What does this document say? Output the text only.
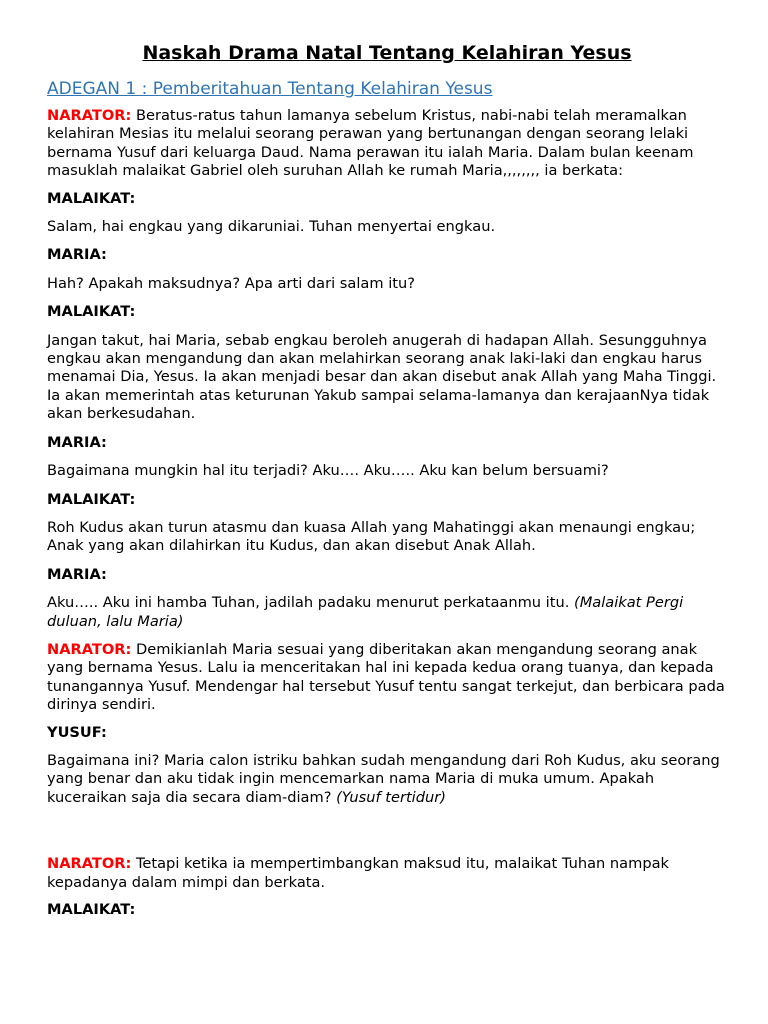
Naskah Drama Natal Tentang Kelahiran Yesus
ADEGAN 1 : Pemberitahuan Tentang Kelahiran Yesus

NARATOR: Beratus-ratus tahun lamanya sebelum Kristus, nabi-nabi telah meramalkan kelahiran Mesias itu melalui seorang perawan yang bertunangan dengan seorang lelaki bernama Yusuf dari keluarga Daud. Nama perawan itu ialah Maria. Dalam bulan keenam masuklah malaikat Gabriel oleh suruhan Allah ke rumah Maria,,,,,,,, ia berkata:

MALAIKAT:

Salam, hai engkau yang dikaruniai. Tuhan menyertai engkau.

MARIA:

Hah? Apakah maksudnya? Apa arti dari salam itu?

MALAIKAT:

Jangan takut, hai Maria, sebab engkau beroleh anugerah di hadapan Allah. Sesungguhnya engkau akan mengandung dan akan melahirkan seorang anak laki-laki dan engkau harus menamai Dia, Yesus. Ia akan menjadi besar dan akan disebut anak Allah yang Maha Tinggi. Ia akan memerintah atas keturunan Yakub sampai selama-lamanya dan kerajaanNya tidak akan berkesudahan.

MARIA:

Bagaimana mungkin hal itu terjadi? Aku…. Aku….. Aku kan belum bersuami?

MALAIKAT:

Roh Kudus akan turun atasmu dan kuasa Allah yang Mahatinggi akan menaungi engkau; Anak yang akan dilahirkan itu Kudus, dan akan disebut Anak Allah.

MARIA:

Aku….. Aku ini hamba Tuhan, jadilah padaku menurut perkataanmu itu. (Malaikat Pergi duluan, lalu Maria)

NARATOR: Demikianlah Maria sesuai yang diberitakan akan mengandung seorang anak yang bernama Yesus. Lalu ia menceritakan hal ini kepada kedua orang tuanya, dan kepada tunangannya Yusuf. Mendengar hal tersebut Yusuf tentu sangat terkejut, dan berbicara pada dirinya sendiri.

YUSUF:

Bagaimana ini? Maria calon istriku bahkan sudah mengandung dari Roh Kudus, aku seorang yang benar dan aku tidak ingin mencemarkan nama Maria di muka umum. Apakah kuceraikan saja dia secara diam-diam? (Yusuf tertidur)

NARATOR: Tetapi ketika ia mempertimbangkan maksud itu, malaikat Tuhan nampak kepadanya dalam mimpi dan berkata.

MALAIKAT:
